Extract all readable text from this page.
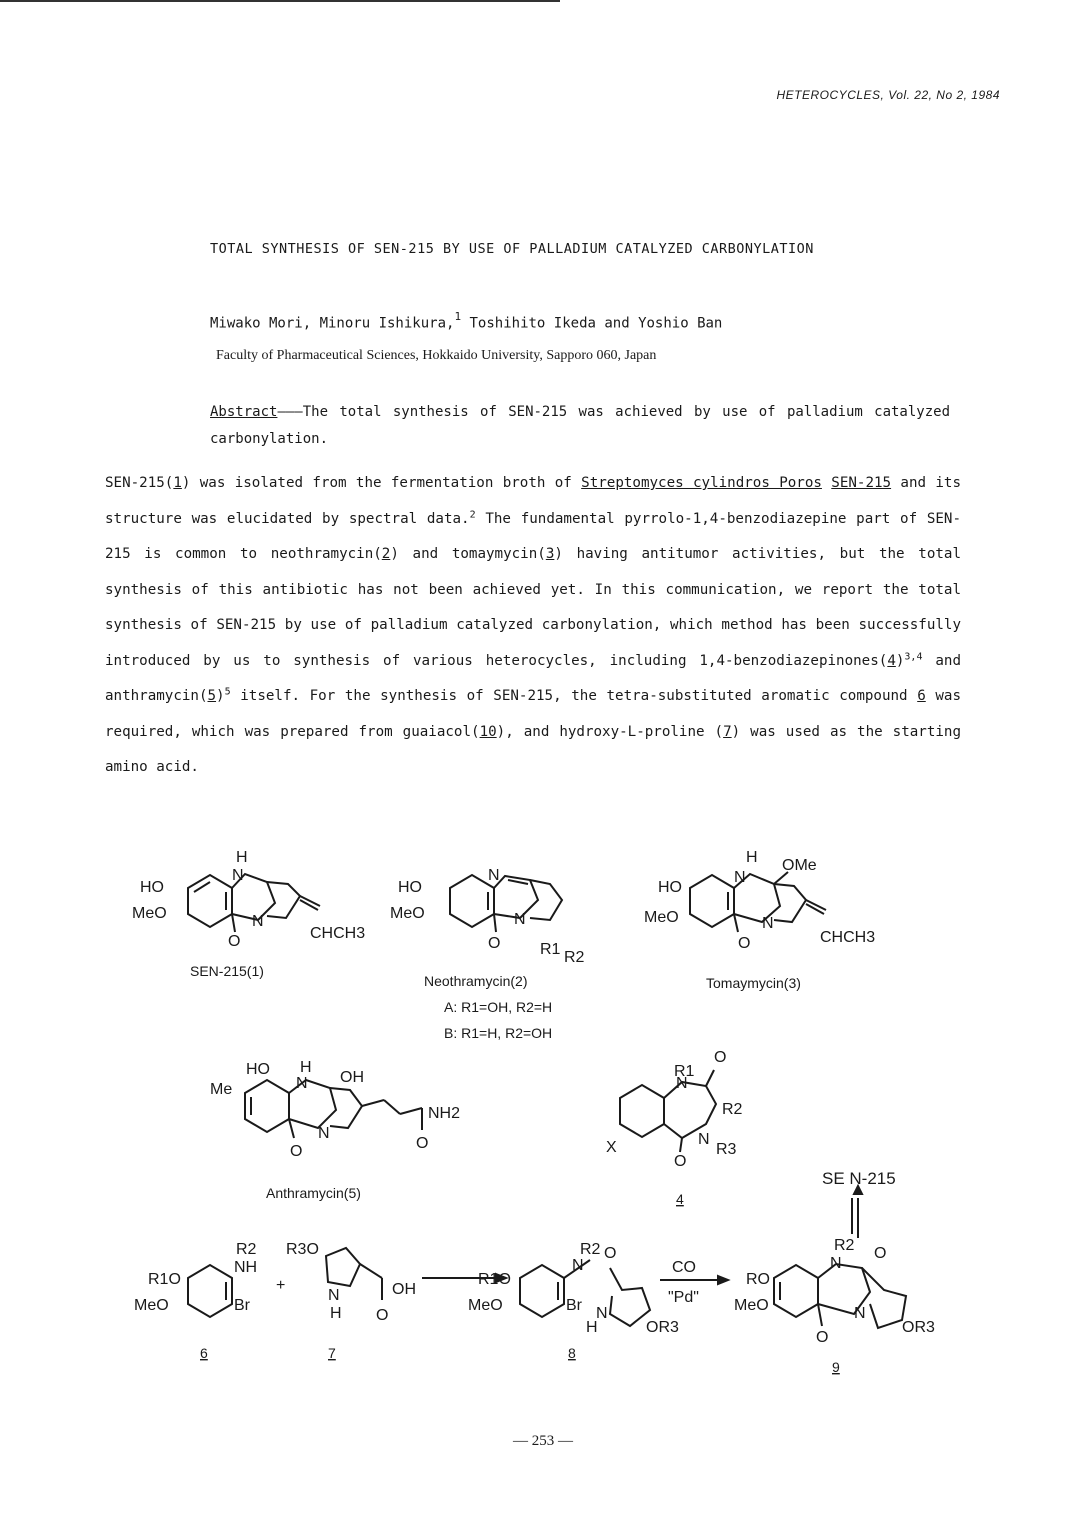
HETEROCYCLES, Vol. 22, No 2, 1984
TOTAL SYNTHESIS OF SEN-215 BY USE OF PALLADIUM CATALYZED CARBONYLATION
Miwako Mori, Minoru Ishikura,$^1$ Toshihito Ikeda and Yoshio Ban
Faculty of Pharmaceutical Sciences, Hokkaido University, Sapporo 060, Japan
Abstract———The total synthesis of SEN-215 was achieved by use of palladium catalyzed carbonylation.
SEN-215(1) was isolated from the fermentation broth of Streptomyces cylindros Poros SEN-215 and its structure was elucidated by spectral data.$^2$ The fundamental pyrrolo-1,4-benzodiazepine part of SEN-215 is common to neothramycin(2) and tomaymycin(3) having antitumor activities, but the total synthesis of this antibiotic has not been achieved yet. In this communication, we report the total synthesis of SEN-215 by use of palladium catalyzed carbonylation, which method has been successfully introduced by us to synthesis of various heterocycles, including $1,4-benzodiazepinones(4)^{3,4}$ and $anthramycin(5)^5$ itself. For the synthesis of SEN-215, the tetra-substituted aromatic compound 6 was required, which was prepared from guaiacol(10), and hydroxy-L-proline (7) was used as the starting amino acid.
HO
MeO
H
N
N
O	CHCH3
HO
MeO
N
N
O R1 R2
HO
MeO
H
N
OMe
N
O	CHCH3
HO
Me
H
N OH
N
O
NH2
O
R1
N
O
R2
N
R3
O
X
SE N-215
R1O
MeO
R2
NH
Br
+
R3O
N
H
OH
O
R1O
MeO
R2
N
O
Br N
H	OR3
CO
"Pd"
RO
MeO
R2
N
O
N
O
OR3
SEN-215(1)
Neothramycin(2)
A: R1=OH, R2=H
B: R1=H, R2=OH
Tomaymycin(3)
Anthramycin(5)	4
6	7	8
9
— 253 —
